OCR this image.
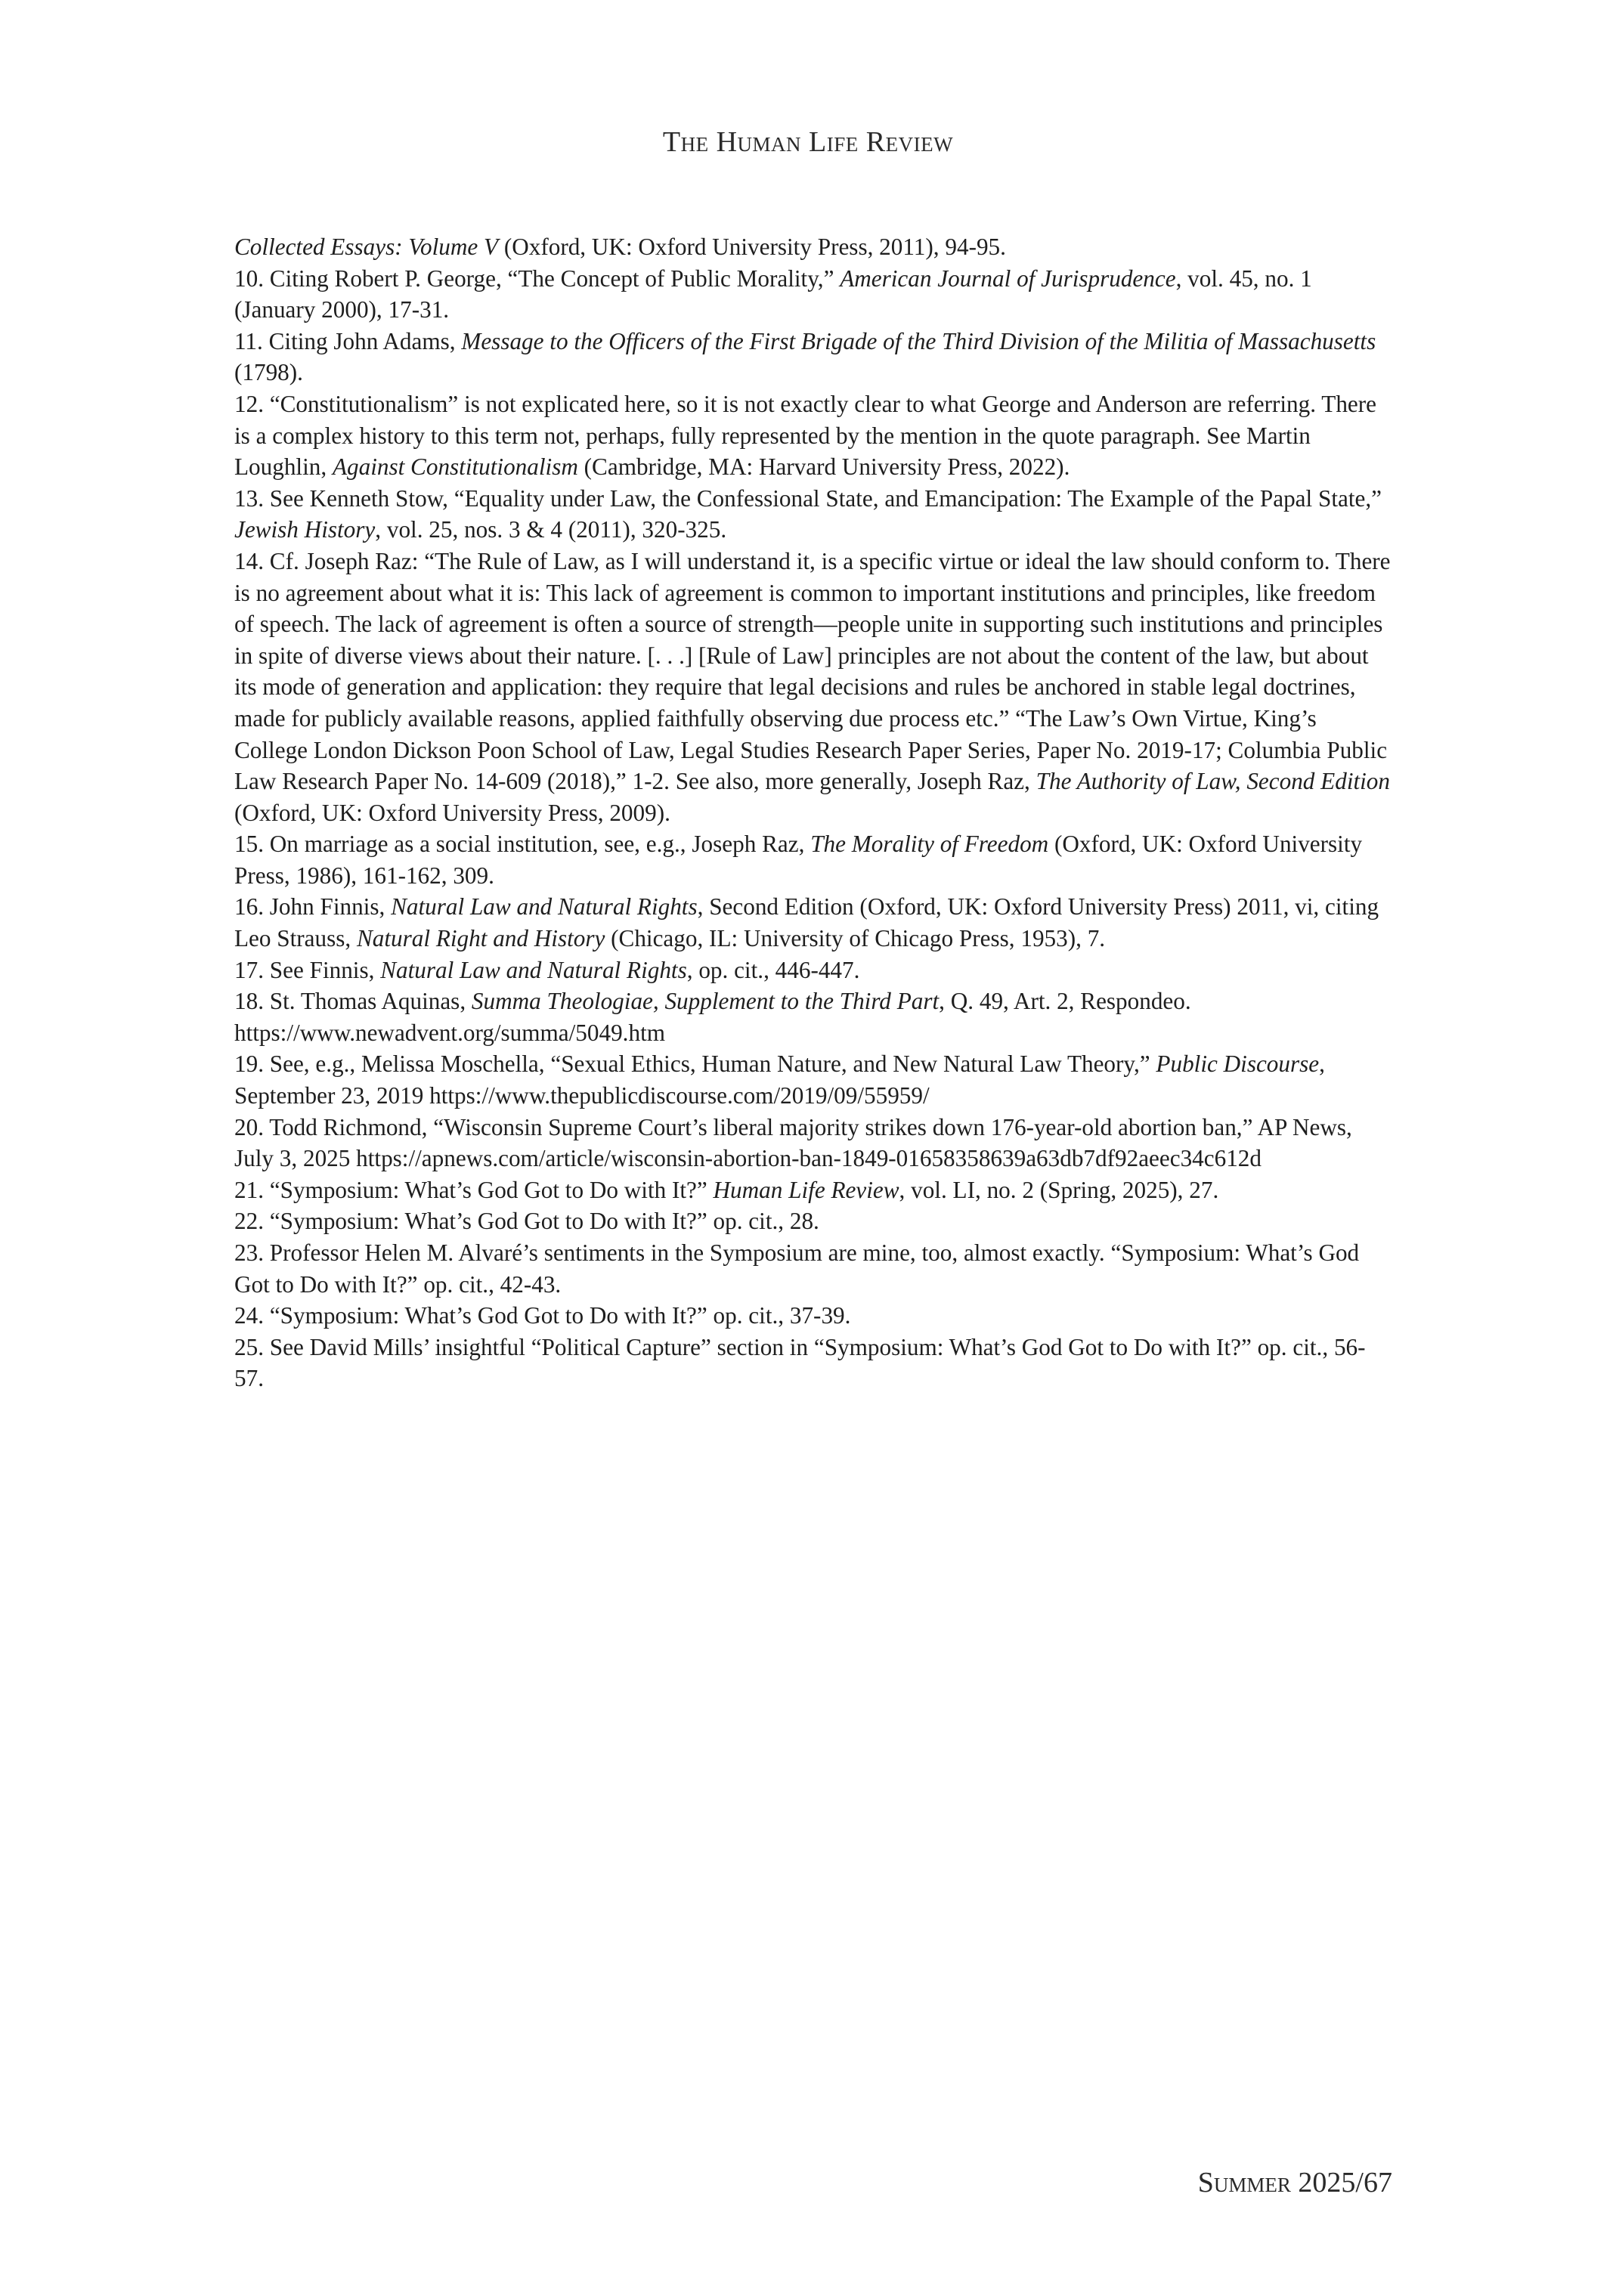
The Human Life Review

Collected Essays: Volume V (Oxford, UK: Oxford University Press, 2011), 94-95.

10. Citing Robert P. George, “The Concept of Public Morality,” American Journal of Jurisprudence, vol. 45, no. 1 (January 2000), 17-31.

11. Citing John Adams, Message to the Officers of the First Brigade of the Third Division of the Militia of Massachusetts (1798).

12. “Constitutionalism” is not explicated here, so it is not exactly clear to what George and Anderson are referring. There is a complex history to this term not, perhaps, fully represented by the mention in the quote paragraph. See Martin Loughlin, Against Constitutionalism (Cambridge, MA: Harvard University Press, 2022).

13. See Kenneth Stow, “Equality under Law, the Confessional State, and Emancipation: The Example of the Papal State,” Jewish History, vol. 25, nos. 3 & 4 (2011), 320-325.

14. Cf. Joseph Raz: “The Rule of Law, as I will understand it, is a specific virtue or ideal the law should conform to. There is no agreement about what it is: This lack of agreement is common to important institutions and principles, like freedom of speech. The lack of agreement is often a source of strength—people unite in supporting such institutions and principles in spite of diverse views about their nature. [. . .] [Rule of Law] principles are not about the content of the law, but about its mode of generation and application: they require that legal decisions and rules be anchored in stable legal doctrines, made for publicly available reasons, applied faithfully observing due process etc.” “The Law’s Own Virtue, King’s College London Dickson Poon School of Law, Legal Studies Research Paper Series, Paper No. 2019-17; Columbia Public Law Research Paper No. 14-609 (2018),” 1-2. See also, more generally, Joseph Raz, The Authority of Law, Second Edition (Oxford, UK: Oxford University Press, 2009).

15. On marriage as a social institution, see, e.g., Joseph Raz, The Morality of Freedom (Oxford, UK: Oxford University Press, 1986), 161-162, 309.

16. John Finnis, Natural Law and Natural Rights, Second Edition (Oxford, UK: Oxford University Press) 2011, vi, citing Leo Strauss, Natural Right and History (Chicago, IL: University of Chicago Press, 1953), 7.

17. See Finnis, Natural Law and Natural Rights, op. cit., 446-447.

18. St. Thomas Aquinas, Summa Theologiae, Supplement to the Third Part, Q. 49, Art. 2, Respondeo. https://www.newadvent.org/summa/5049.htm

19. See, e.g., Melissa Moschella, “Sexual Ethics, Human Nature, and New Natural Law Theory,” Public Discourse, September 23, 2019 https://www.thepublicdiscourse.com/2019/09/55959/

20. Todd Richmond, “Wisconsin Supreme Court’s liberal majority strikes down 176-year-old abortion ban,” AP News, July 3, 2025 https://apnews.com/article/wisconsin-abortion-ban-1849-01658358639a63db7df92aeec34c612d

21. “Symposium: What’s God Got to Do with It?” Human Life Review, vol. LI, no. 2 (Spring, 2025), 27.

22. “Symposium: What’s God Got to Do with It?” op. cit., 28.

23. Professor Helen M. Alvaré’s sentiments in the Symposium are mine, too, almost exactly. “Symposium: What’s God Got to Do with It?” op. cit., 42-43.

24. “Symposium: What’s God Got to Do with It?” op. cit., 37-39.

25. See David Mills’ insightful “Political Capture” section in “Symposium: What’s God Got to Do with It?” op. cit., 56-57.

Summer 2025/67
